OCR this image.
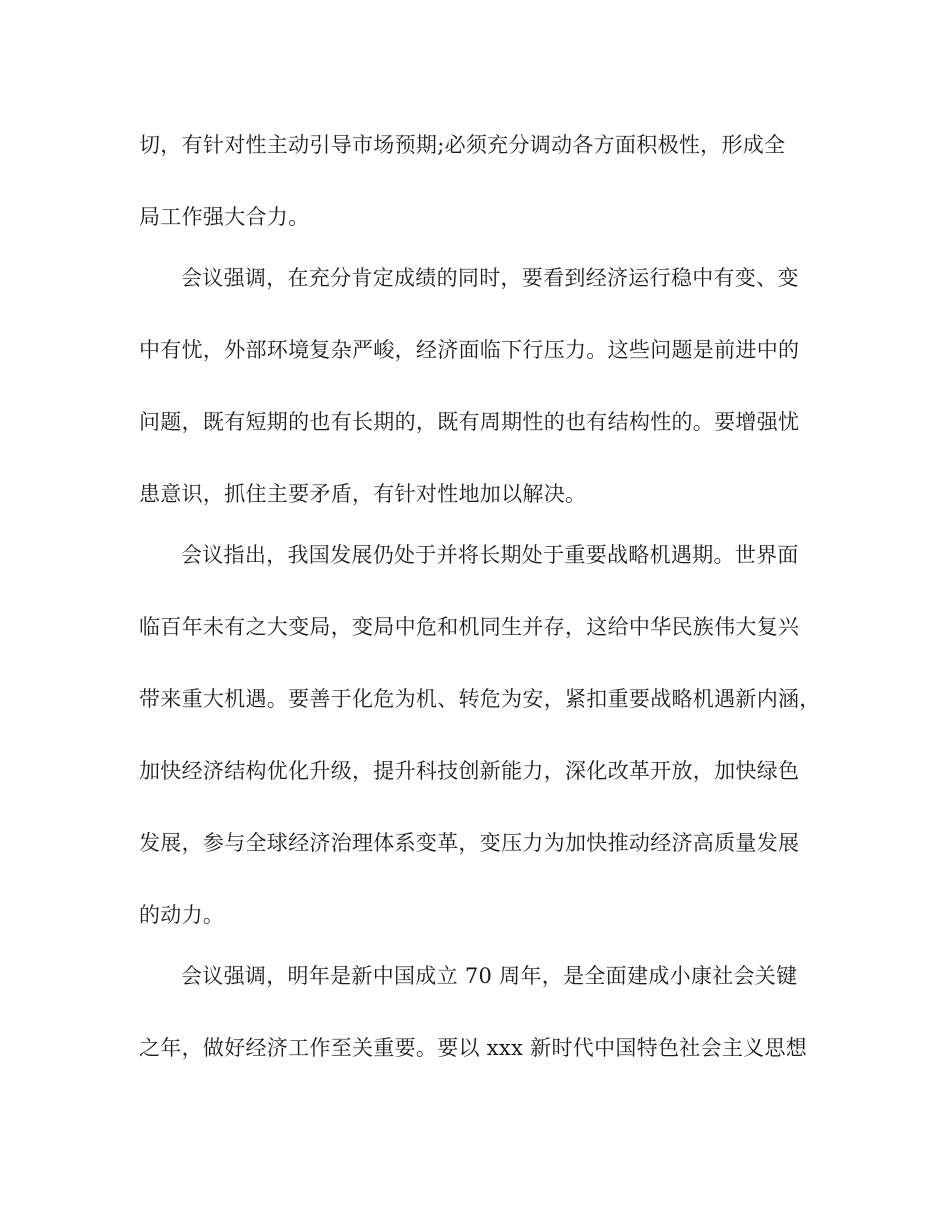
切，有针对性主动引导市场预期;必须充分调动各方面积极性，形成全
局工作强大合力。
会议强调，在充分肯定成绩的同时，要看到经济运行稳中有变、变
中有忧，外部环境复杂严峻，经济面临下行压力。这些问题是前进中的
问题，既有短期的也有长期的，既有周期性的也有结构性的。要增强忧
患意识，抓住主要矛盾，有针对性地加以解决。
会议指出，我国发展仍处于并将长期处于重要战略机遇期。世界面
临百年未有之大变局，变局中危和机同生并存，这给中华民族伟大复兴
带来重大机遇。要善于化危为机、转危为安，紧扣重要战略机遇新内涵，
加快经济结构优化升级，提升科技创新能力，深化改革开放，加快绿色
发展，参与全球经济治理体系变革，变压力为加快推动经济高质量发展
的动力。
会议强调，明年是新中国成立 70 周年，是全面建成小康社会关键
之年，做好经济工作至关重要。要以 xxx 新时代中国特色社会主义思想
